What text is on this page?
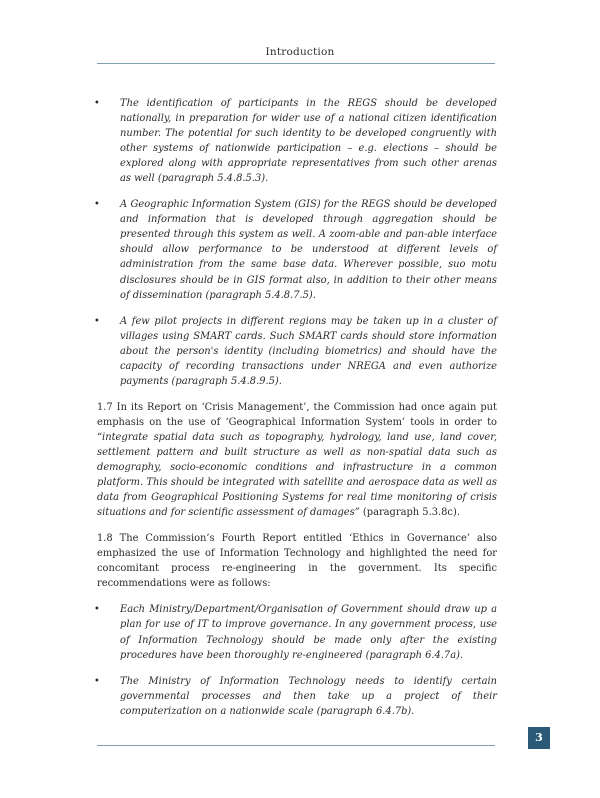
Introduction
• The identification of participants in the REGS should be developed nationally, in preparation for wider use of a national citizen identification number. The potential for such identity to be developed congruently with other systems of nationwide participation – e.g. elections – should be explored along with appropriate representatives from such other arenas as well (paragraph 5.4.8.5.3).
• A Geographic Information System (GIS) for the REGS should be developed and information that is developed through aggregation should be presented through this system as well. A zoom-able and pan-able interface should allow performance to be understood at different levels of administration from the same base data. Wherever possible, suo motu disclosures should be in GIS format also, in addition to their other means of dissemination (paragraph 5.4.8.7.5).
• A few pilot projects in different regions may be taken up in a cluster of villages using SMART cards. Such SMART cards should store information about the person's identity (including biometrics) and should have the capacity of recording transactions under NREGA and even authorize payments (paragraph 5.4.8.9.5).

1.7 In its Report on ‘Crisis Management’, the Commission had once again put emphasis on the use of ‘Geographical Information System’ tools in order to “integrate spatial data such as topography, hydrology, land use, land cover, settlement pattern and built structure as well as non-spatial data such as demography, socio-economic conditions and infrastructure in a common platform. This should be integrated with satellite and aerospace data as well as data from Geographical Positioning Systems for real time monitoring of crisis situations and for scientific assessment of damages” (paragraph 5.3.8c).

1.8 The Commission’s Fourth Report entitled ‘Ethics in Governance’ also emphasized the use of Information Technology and highlighted the need for concomitant process re-engineering in the government. Its specific recommendations were as follows:

• Each Ministry/Department/Organisation of Government should draw up a plan for use of IT to improve governance. In any government process, use of Information Technology should be made only after the existing procedures have been thoroughly re-engineered (paragraph 6.4.7a).
• The Ministry of Information Technology needs to identify certain governmental processes and then take up a project of their computerization on a nationwide scale (paragraph 6.4.7b).
3
